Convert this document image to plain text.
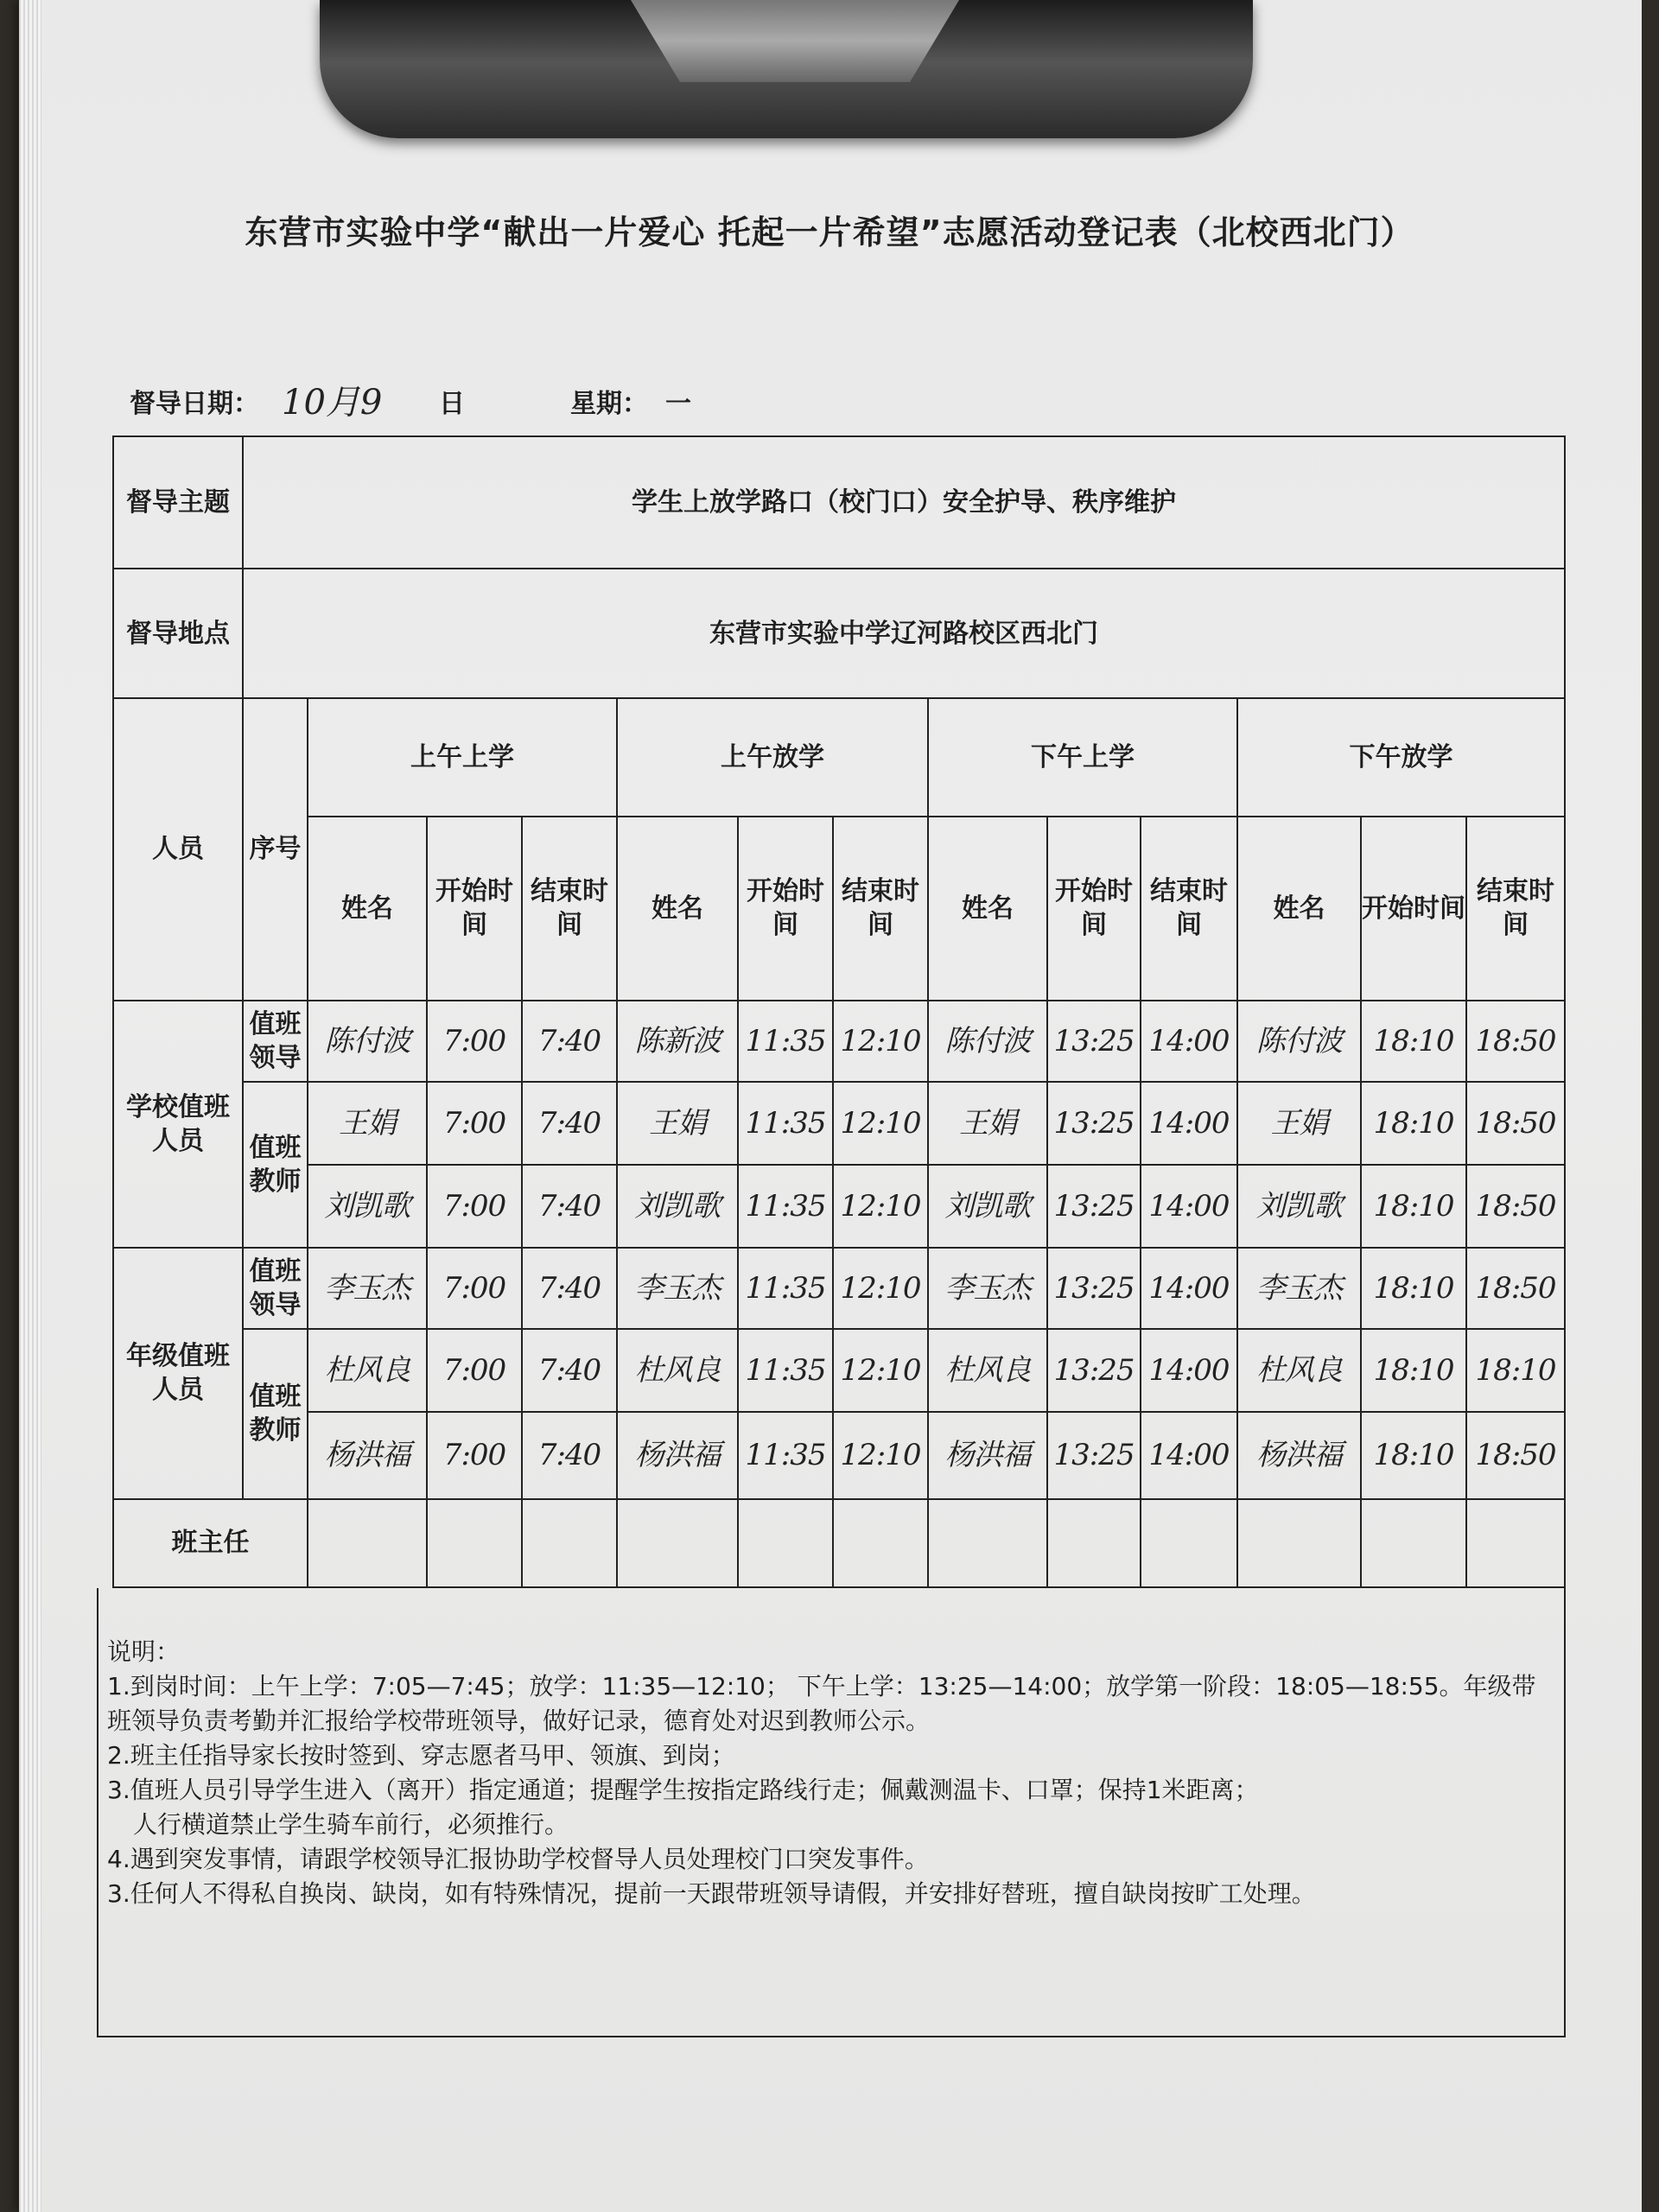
东营市实验中学“献出一片爱心 托起一片希望”志愿活动登记表（北校西北门）
督导日期： 10月9 日	星期： 一
督导主题	学生上放学路口（校门口）安全护导、秩序维护												
督导地点	东营市实验中学辽河路校区西北门												
人员	序号	上午上学			上午放学			下午上学			下午放学		
		姓名	开始时间	结束时间	姓名	开始时间	结束时间	姓名	开始时间	结束时间	姓名	开始时间	结束时间
学校值班人员	值班领导	陈付波	7:00	7:40	陈新波	11:35	12:10	陈付波	13:25	14:00	陈付波	18:10	18:50
	值班教师	王娟	7:00	7:40	王娟	11:35	12:10	王娟	13:25	14:00	王娟	18:10	18:50
		刘凯歌	7:00	7:40	刘凯歌	11:35	12:10	刘凯歌	13:25	14:00	刘凯歌	18:10	18:50
年级值班人员	值班领导	李玉杰	7:00	7:40	李玉杰	11:35	12:10	李玉杰	13:25	14:00	李玉杰	18:10	18:50
	值班教师	杜风良	7:00	7:40	杜风良	11:35	12:10	杜风良	13:25	14:00	杜风良	18:10	18:10
		杨洪福	7:00	7:40	杨洪福	11:35	12:10	杨洪福	13:25	14:00	杨洪福	18:10	18:50
班主任													

说明：

1.到岗时间：上午上学：7:05—7:45；放学：11:35—12:10； 下午上学：13:25—14:00；放学第一阶段：18:05—18:55。年级带班领导负责考勤并汇报给学校带班领导，做好记录，德育处对迟到教师公示。

2.班主任指导家长按时签到、穿志愿者马甲、领旗、到岗；

3.值班人员引导学生进入（离开）指定通道；提醒学生按指定路线行走；佩戴测温卡、口罩；保持1米距离；

人行横道禁止学生骑车前行，必须推行。

4.遇到突发事情，请跟学校领导汇报协助学校督导人员处理校门口突发事件。

3.任何人不得私自换岗、缺岗，如有特殊情况，提前一天跟带班领导请假，并安排好替班，擅自缺岗按旷工处理。
